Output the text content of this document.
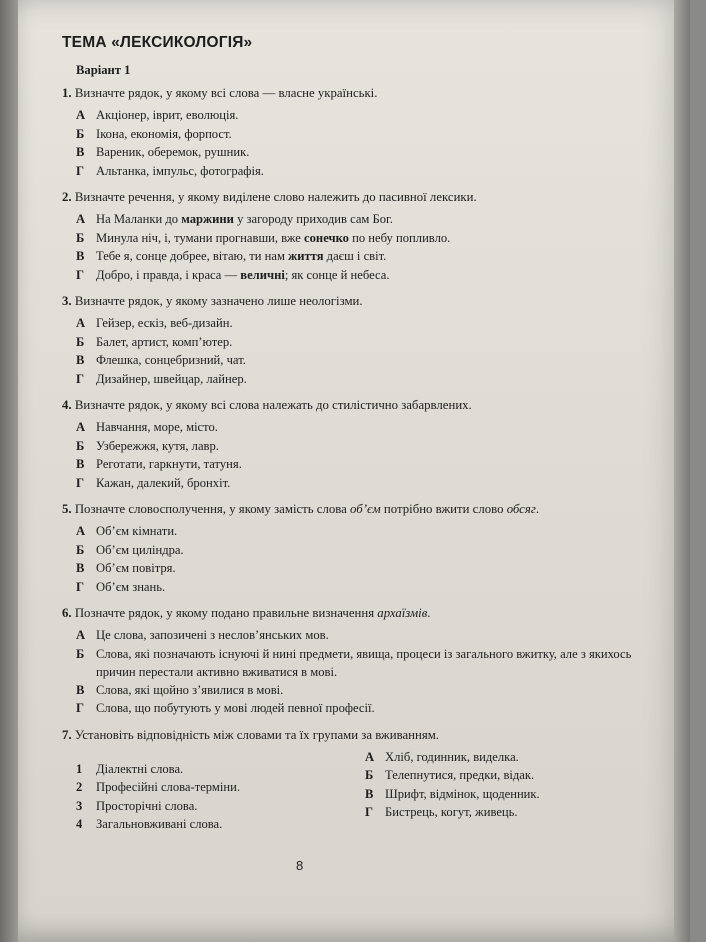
ТЕМА «ЛЕКСИКОЛОГІЯ»
Варіант 1
1. Визначте рядок, у якому всі слова — власне українські.
А Акціонер, іврит, еволюція.
Б Ікона, економія, форпост.
В Вареник, оберемок, рушник.
Г Альтанка, імпульс, фотографія.
2. Визначте речення, у якому виділене слово належить до пасивної лексики.
А На Маланки до маржини у загороду приходив сам Бог.
Б Минула ніч, і, тумани прогнавши, вже сонечко по небу попливло.
В Тебе я, сонце добрее, вітаю, ти нам життя даєш і світ.
Г Добро, і правда, і краса — величні; як сонце й небеса.
3. Визначте рядок, у якому зазначено лише неологізми.
А Гейзер, ескіз, веб-дизайн.
Б Балет, артист, комп’ютер.
В Флешка, сонцебризний, чат.
Г Дизайнер, швейцар, лайнер.
4. Визначте рядок, у якому всі слова належать до стилістично забарвлених.
А Навчання, море, місто.
Б Узбережжя, кутя, лавр.
В Реготати, гаркнути, татуня.
Г Кажан, далекий, бронхіт.
5. Позначте словосполучення, у якому замість слова об’єм потрібно вжити слово обсяг.
А Об’єм кімнати.
Б Об’єм циліндра.
В Об’єм повітря.
Г Об’єм знань.
6. Позначте рядок, у якому подано правильне визначення архаїзмів.
А Це слова, запозичені з неслов’янських мов.
Б Слова, які позначають існуючі й нині предмети, явища, процеси із загального вжитку, але з якихось причин перестали активно вживатися в мові.
В Слова, які щойно з’явилися в мові.
Г Слова, що побутують у мові людей певної професії.
7. Установіть відповідність між словами та їх групами за вживанням.
1	Діалектні слова.
2	Професійні слова-терміни.
3	Просторічні слова.
4	Загальновживані слова.
А Хліб, годинник, виделка.
Б Телепнутися, предки, відак.
В Шрифт, відмінок, щоденник.
Г Бистрець, когут, живець.
8
